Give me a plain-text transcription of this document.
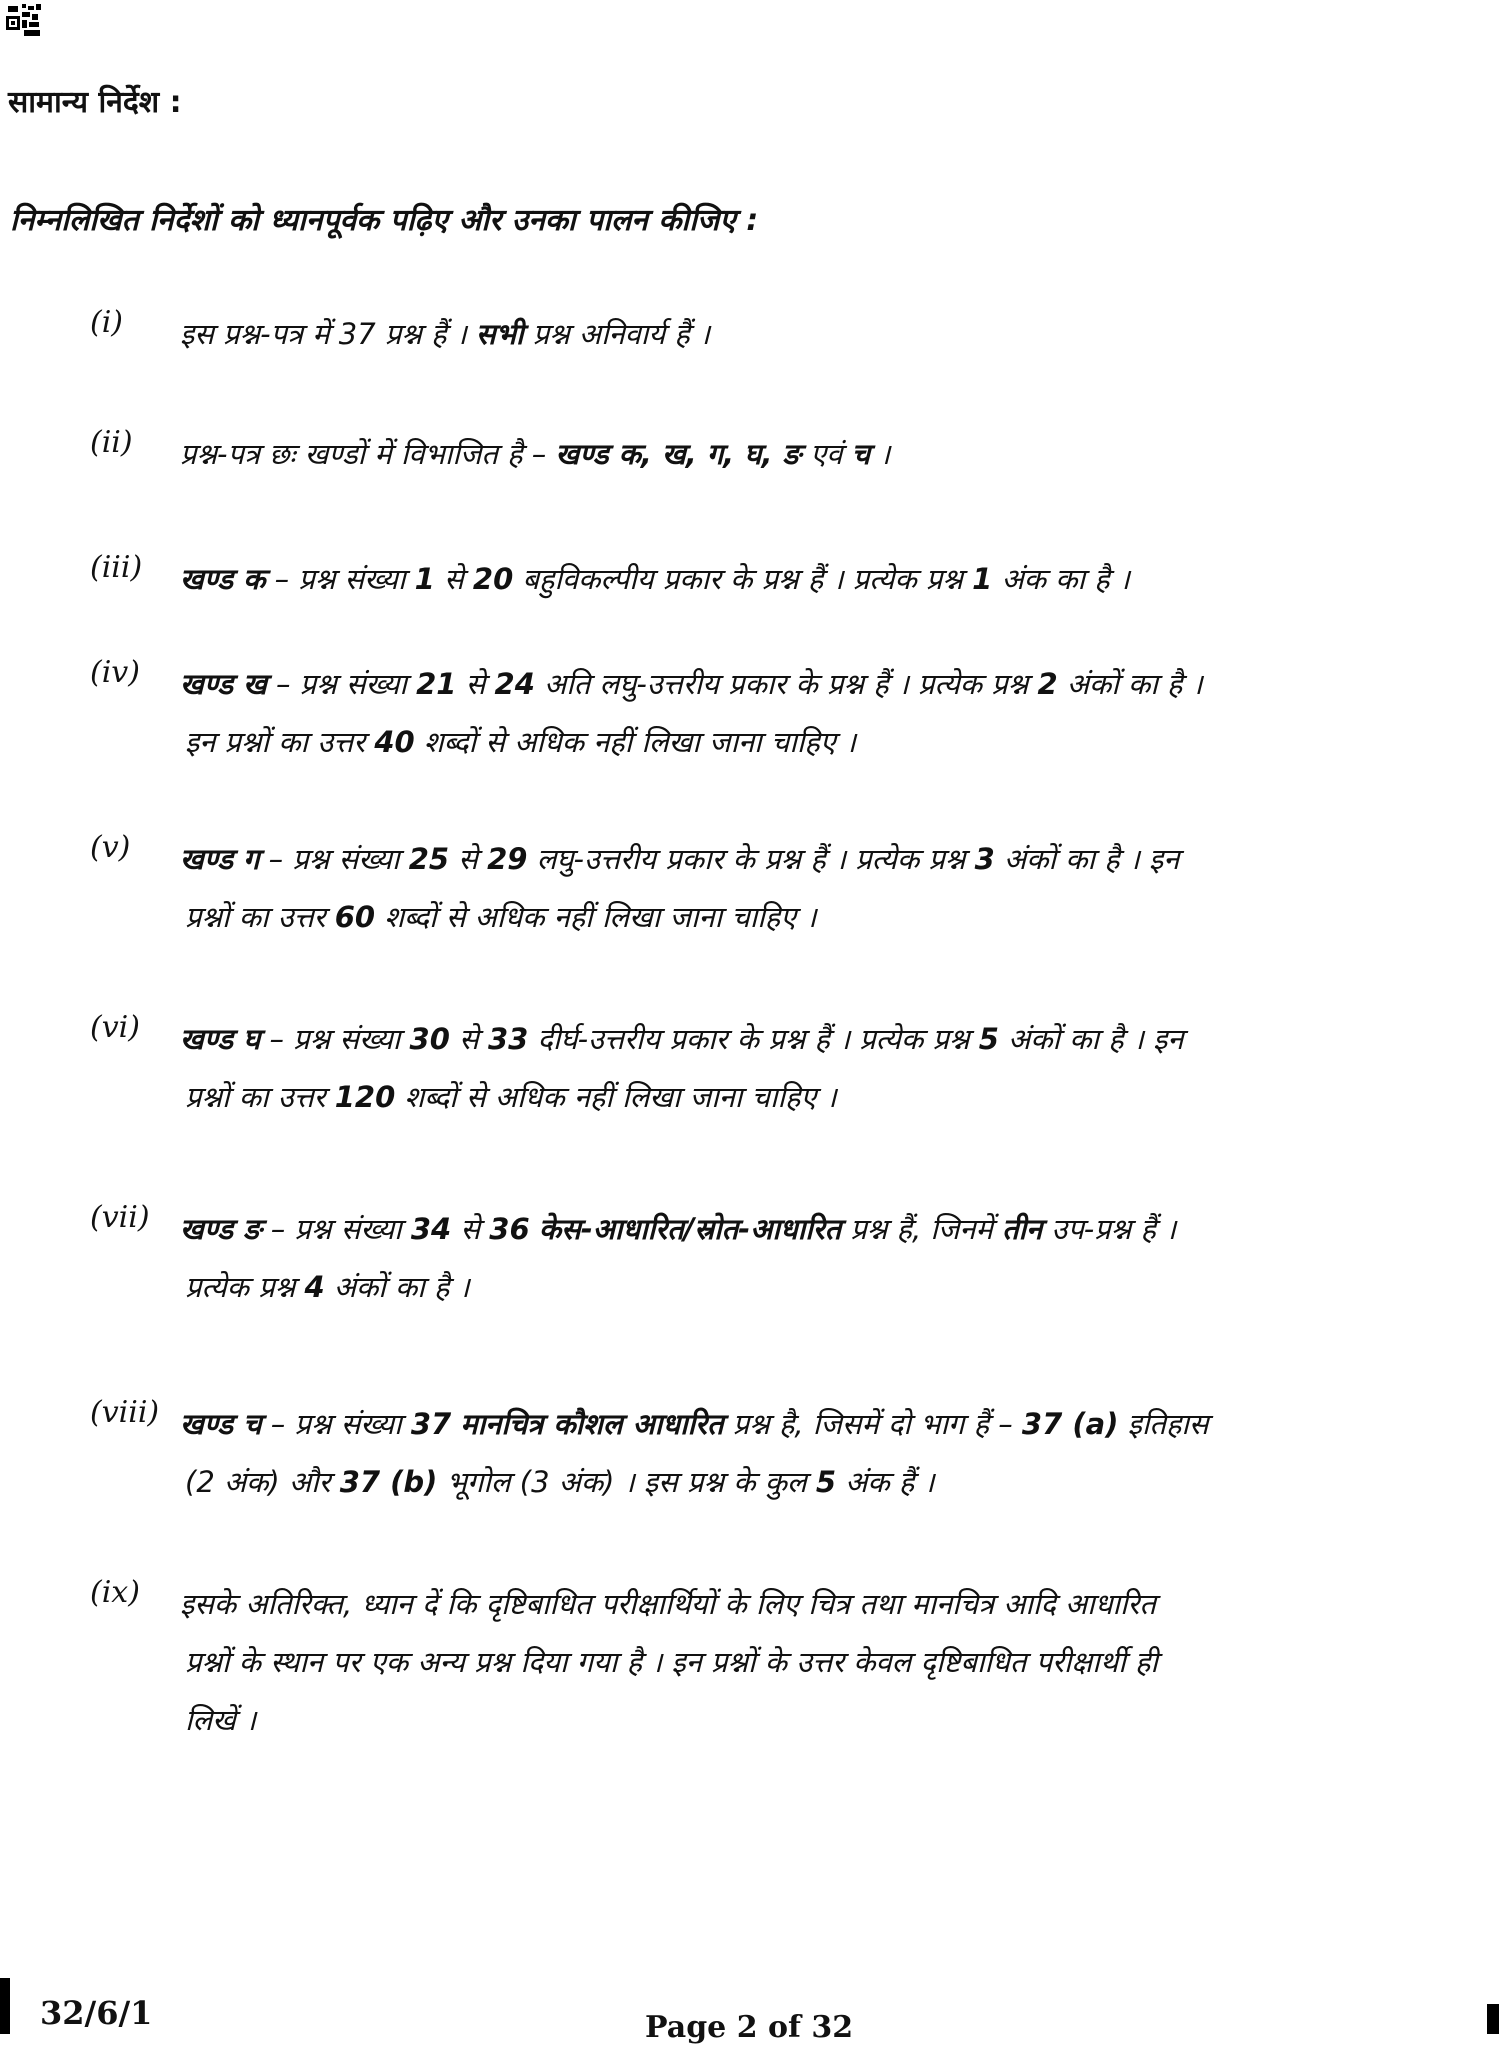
सामान्य निर्देश :
निम्नलिखित निर्देशों को ध्यानपूर्वक पढ़िए और उनका पालन कीजिए :
(i)	इस प्रश्न-पत्र में 37 प्रश्न हैं । सभी प्रश्न अनिवार्य हैं ।
(ii)	प्रश्न-पत्र छः खण्डों में विभाजित है – खण्ड क, ख, ग, घ, ङ एवं च ।
(iii)	खण्ड क – प्रश्न संख्या 1 से 20 बहुविकल्पीय प्रकार के प्रश्न हैं । प्रत्येक प्रश्न 1 अंक का है ।
(iv)	खण्ड ख – प्रश्न संख्या 21 से 24 अति लघु-उत्तरीय प्रकार के प्रश्न हैं । प्रत्येक प्रश्न 2 अंकों का है ।
इन प्रश्नों का उत्तर 40 शब्दों से अधिक नहीं लिखा जाना चाहिए ।
(v)	खण्ड ग – प्रश्न संख्या 25 से 29 लघु-उत्तरीय प्रकार के प्रश्न हैं । प्रत्येक प्रश्न 3 अंकों का है । इन
प्रश्नों का उत्तर 60 शब्दों से अधिक नहीं लिखा जाना चाहिए ।
(vi)	खण्ड घ – प्रश्न संख्या 30 से 33 दीर्घ-उत्तरीय प्रकार के प्रश्न हैं । प्रत्येक प्रश्न 5 अंकों का है । इन
प्रश्नों का उत्तर 120 शब्दों से अधिक नहीं लिखा जाना चाहिए ।
(vii)	खण्ड ङ – प्रश्न संख्या 34 से 36 केस-आधारित/स्रोत-आधारित प्रश्न हैं, जिनमें तीन उप-प्रश्न हैं ।
प्रत्येक प्रश्न 4 अंकों का है ।
(viii) खण्ड च – प्रश्न संख्या 37 मानचित्र कौशल आधारित प्रश्न है, जिसमें दो भाग हैं – 37 (a) इतिहास
(2 अंक) और 37 (b) भूगोल (3 अंक) । इस प्रश्न के कुल 5 अंक हैं ।
(ix)	इसके अतिरिक्त, ध्यान दें कि दृष्टिबाधित परीक्षार्थियों के लिए चित्र तथा मानचित्र आदि आधारित
प्रश्नों के स्थान पर एक अन्य प्रश्न दिया गया है । इन प्रश्नों के उत्तर केवल दृष्टिबाधित परीक्षार्थी ही
लिखें ।
32/6/1	Page 2 of 32
